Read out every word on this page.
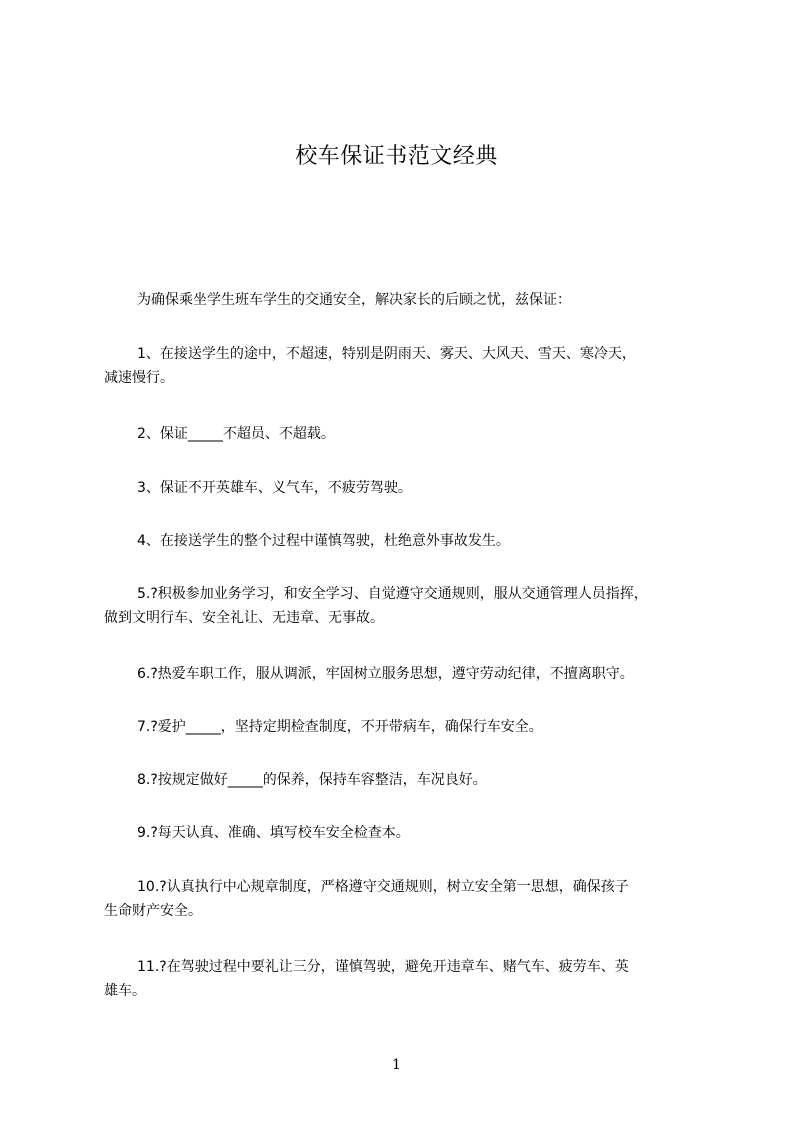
校车保证书范文经典
为确保乘坐学生班车学生的交通安全，解决家长的后顾之忧，兹保证：
1、在接送学生的途中，不超速，特别是阴雨天、雾天、大风天、雪天、寒冷天，
减速慢行。
2、保证_____不超员、不超载。
3、保证不开英雄车、义气车，不疲劳驾驶。
4、在接送学生的整个过程中谨慎驾驶，杜绝意外事故发生。
5.?积极参加业务学习，和安全学习、自觉遵守交通规则，服从交通管理人员指挥，
做到文明行车、安全礼让、无违章、无事故。
6.?热爱车职工作，服从调派，牢固树立服务思想，遵守劳动纪律，不擅离职守。
7.?爱护_____，坚持定期检查制度，不开带病车，确保行车安全。
8.?按规定做好_____的保养，保持车容整洁，车况良好。
9.?每天认真、准确、填写校车安全检查本。
10.?认真执行中心规章制度，严格遵守交通规则，树立安全第一思想，确保孩子
生命财产安全。
11.?在驾驶过程中要礼让三分，谨慎驾驶，避免开违章车、赌气车、疲劳车、英
雄车。
1
